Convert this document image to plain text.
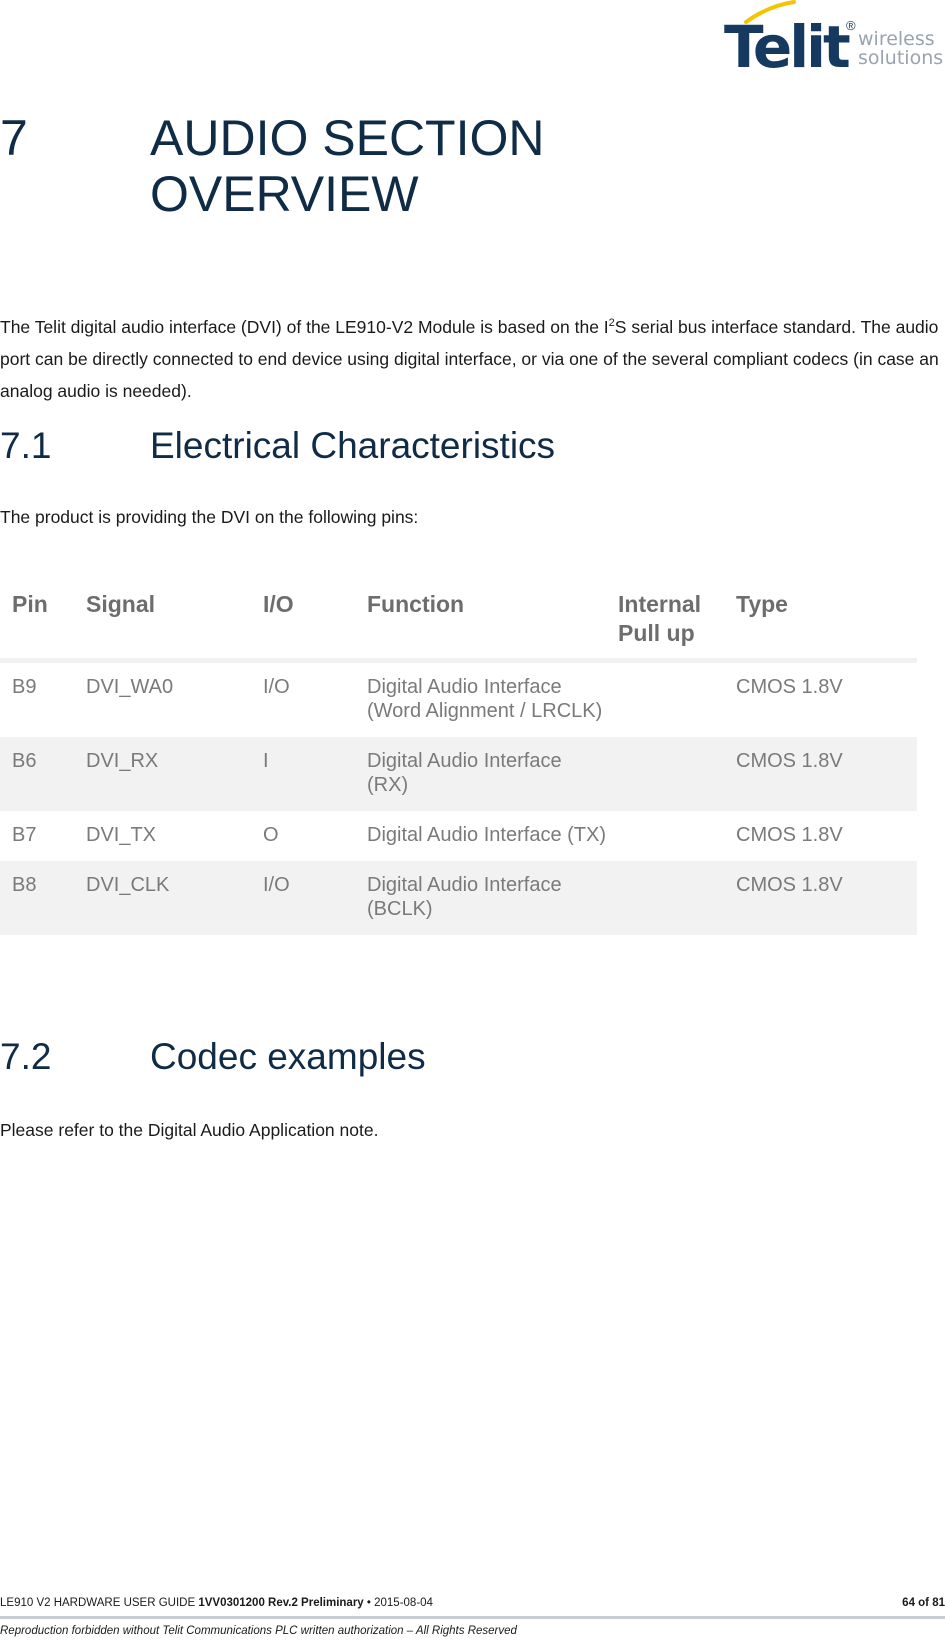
Telit
®
wireless
solutions
7 AUDIO SECTION OVERVIEW

The Telit digital audio interface (DVI) of the LE910-V2 Module is based on the $I^2S$ serial bus interface standard. The audio port can be directly connected to end device using digital interface, or via one of the several compliant codecs (in case an analog audio is needed).

7.1	Electrical Characteristics

The product is providing the DVI on the following pins:

Pin	Signal	I/O	Function	Internal Pull up	Type
B9	DVI_WA0	I/O	Digital Audio Interface (Word Alignment / LRCLK)		CMOS 1.8V
B6	DVI_RX	I	Digital Audio Interface (RX)		CMOS 1.8V
B7	DVI_TX	O	Digital Audio Interface (TX)		CMOS 1.8V
B8	DVI_CLK	I/O	Digital Audio Interface (BCLK)		CMOS 1.8V
7.2	Codec examples

Please refer to the Digital Audio Application note.

LE910 V2 HARDWARE USER GUIDE 1VV0301200 Rev.2 Preliminary • 2015-08-04	64 of 81
Reproduction forbidden without Telit Communications PLC written authorization – All Rights Reserved
